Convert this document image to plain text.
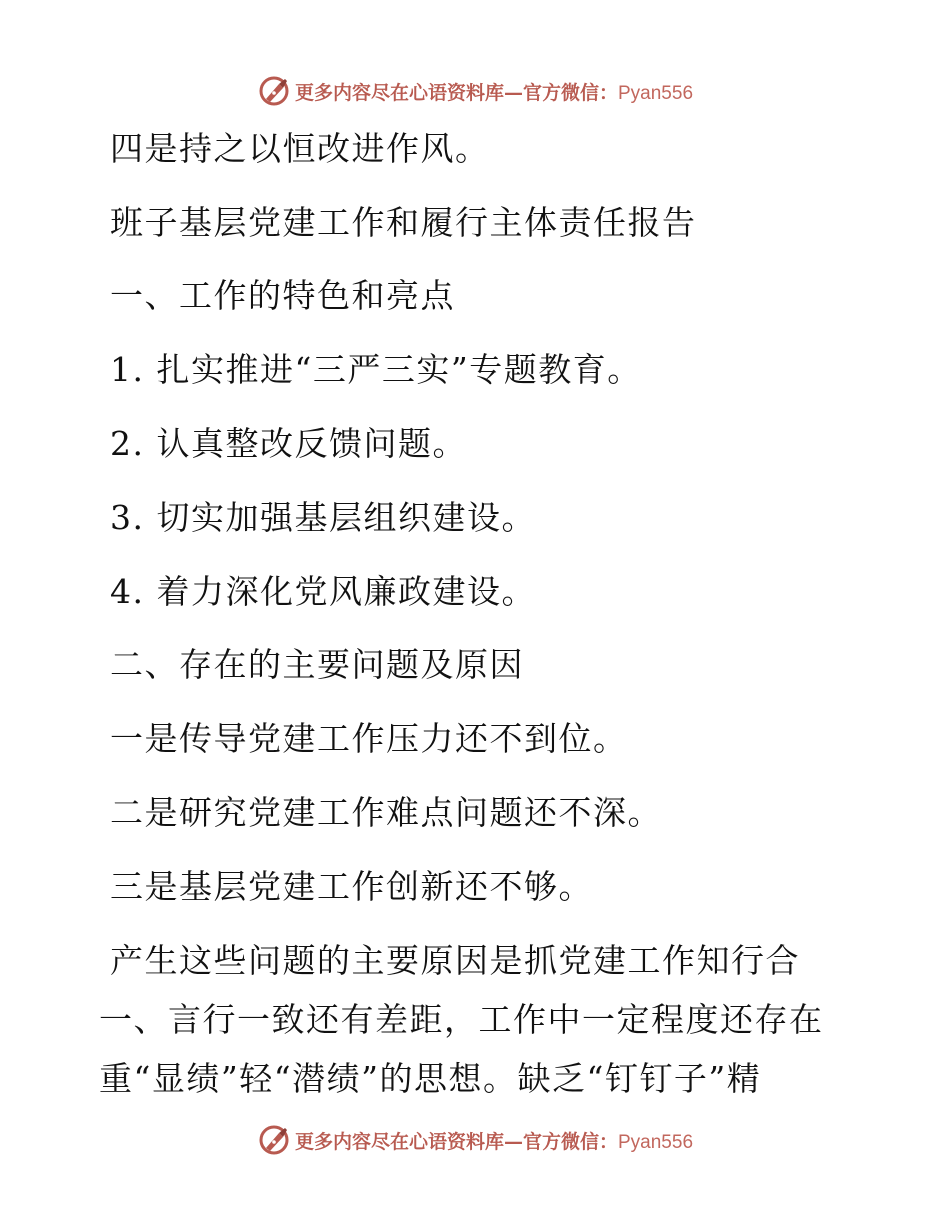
更多内容尽在心语资料库—官方微信：Pyan556
四是持之以恒改进作风。
班子基层党建工作和履行主体责任报告
一、工作的特色和亮点
1. 扎实推进“三严三实”专题教育。
2. 认真整改反馈问题。
3. 切实加强基层组织建设。
4. 着力深化党风廉政建设。
二、存在的主要问题及原因
一是传导党建工作压力还不到位。
二是研究党建工作难点问题还不深。
三是基层党建工作创新还不够。
产生这些问题的主要原因是抓党建工作知行合
一、言行一致还有差距，工作中一定程度还存在
重“显绩”轻“潜绩”的思想。缺乏“钉钉子”精
更多内容尽在心语资料库—官方微信：Pyan556
